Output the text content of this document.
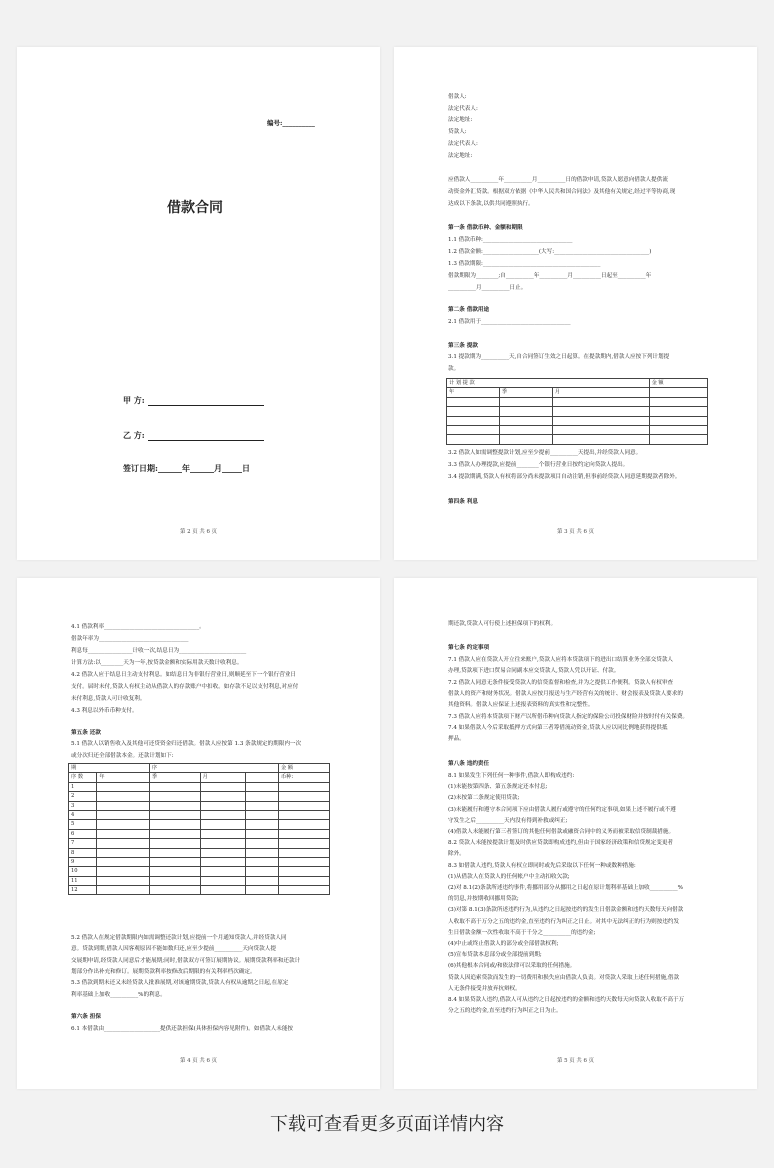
编号:__________
借款合同
甲 方:
乙 方:
签订日期:______年______月_____日
第 2 页 共 6 页	第 3 页 共 6 页
借款人:
法定代表人:
法定地址:
贷款人:
法定代表人:
法定地址:
应借款人__________年__________月__________日的借款申请,贷款人愿意向借款人提供流
动资金外汇贷款。根据双方依据《中华人民共和国合同法》及其他有关规定,经过平等协商,现
达成以下条款,以供共同遵照执行。
第一条 借款币种、金额和期限
1.1 借款币种:________________________________
1.2 借款金额:____________________(大写:__________________________________)
1.3 借款期限:__________________________________________
借款期限为________;自__________年__________月__________日起至__________年
__________月__________日止。
第二条 借款用途
2.1 借款用于________________________________
第三条 提款
3.1 提款期为__________天,自合同签订生效之日起算。在提款期内,借款人应按下列计划提
款。
计 划 提 款			金 额
年	季	月	

3.2 借款人如需调整提款计划,应至少提前__________天提出,并经贷款人同意。
3.3 借款人办理提款,应提前________个银行营业日按约定向贷款人提出。
3.4 提款期满,贷款人有权将部分尚未提款项目自动注销,但事前经贷款人同意延期提款者除外。
第四条 利息
第 4 页 共 6 页
4.1 借款利率__________________________________。
借款年率为________________________________
利息每________________计收一次,结息日为________________________
计算方法:以________天为一年,按贷款金额和实际用款天数计收利息。
4.2 借款人应于结息日主动支付利息。如结息日为非银行营业日,则顺延至下一个银行营业日
支付。届时未付,贷款人有权主动从借款人的存款账户中扣收。如存款不足以支付利息,对应付
未付利息,贷款人可计收复利。
4.3 利息以外币币种支付。
第五条 还款
5.1 借款人以销售收入及其他可还贷资金归还借款。借款人应按第 1.3 条款规定的期限内一次
或分次归还全部借款本金。还款计划如下:
期		序			金 额
序 数	年	季	月		币种:
1					
2					
3					
4					
5					
6					
7					
8					
9					
10					
11					
12					
5.2 借款人在规定借款期限内如需调整还款计划,应提前一个月通知贷款人,并经贷款人同
意。贷款到期,借款人因客观原因不能如数归还,应至少提前__________天向贷款人提
交展期申请,经贷款人同意后才能展期;同时,借款双方可签订展期协议。展期贷款利率和还款计
划部分作出补充和修订。展期贷款利率按修改后期限的有关利率档次确定。
5.3 借款到期未还又未经贷款人批准展期,对该逾期贷款,贷款人有权从逾期之日起,在原定
利率基础上加收__________%的利息。
第六条 担保
6.1 本借款由____________________提供还款担保(具体担保内容见附件)。如借款人未能按
第 5 页 共 6 页
期还款,贷款人可行使上述担保项下的权利。
第七条 约定事项
7.1 借款人应在贷款人开立往来账户,贷款人应将本贷款项下的进出口结算业务全部交贷款人
办理,贷款项下进口贸易合同副本应交贷款人,贷款人凭以开证、付款。
7.2 借款人同意无条件接受贷款人的信贷监督和检查,并为之提供工作便利。贷款人有权审查
借款人的资产和财务状况。借款人应按月报送与生产经营有关的统计、财会报表及贷款人要求的
其他资料。借款人应保证上述报表资料的真实性和完整性。
7.3 借款人应将本贷款项下财产以所借币种向贷款人指定的保险公司投保财险并按时付有关保费。
7.4 如果借款人今后采取抵押方式向第三者筹借流动资金,贷款人应以同比例地获得提供抵
押品。
第八条 违约责任
8.1 如果发生下列任何一种事件,借款人即构成违约:
(1)未能按第四条、第五条规定还本付息;
(2)未按第二条规定使用贷款;
(3)未能履行和遵守本合同项下应由借款人履行或遵守的任何约定事项,如果上述不履行或不遵
守发生之后__________天内没有得到补救或纠正;
(4)借款人未能履行第三者签订的其他任何借款或融资合同中的义务而被采取信贷制裁措施。
8.2 贷款人未能按提款计划及时供应贷款即构成违约,但由于国家经济政策和信贷规定变更者
除外。
8.3 如借款人违约,贷款人有权立即同时或先后采取以下任何一种或数种措施:
(1)从借款人在贷款人的任何帐户中主动扣收欠款;
(2)对 8.1(2)条款所述违约事件,将挪用部分从挪用之日起在原计划利率基础上加收__________%
的罚息,并按期收回挪用贷款;
(3)对第 8.1(3)条款所述违约行为,从违约之日起按违约的发生日借款金额和违约天数每天向借款
人收取不高于万分之五的违约金,直至违约行为纠正之日止。对其中无法纠正的行为则按违约发
生日借款金额一次性收取不高于千分之__________的违约金;
(4)中止或终止借款人的部分或全部借款权利;
(5)宣布贷款本息部分或全部提前到期;
(6)其他根本合同或/和依法律可以采取的任何措施。
贷款人因追索贷款而发生的一切费用和损失应由借款人负责。对贷款人采取上述任何措施,借款
人无条件接受并放弃抗辩权。
8.4 如果贷款人违约,借款人可从违约之日起按违约的金额和违约天数每天向贷款人收取不高于万
分之五的违约金,直至违约行为纠正之日为止。
下载可查看更多页面详情内容
